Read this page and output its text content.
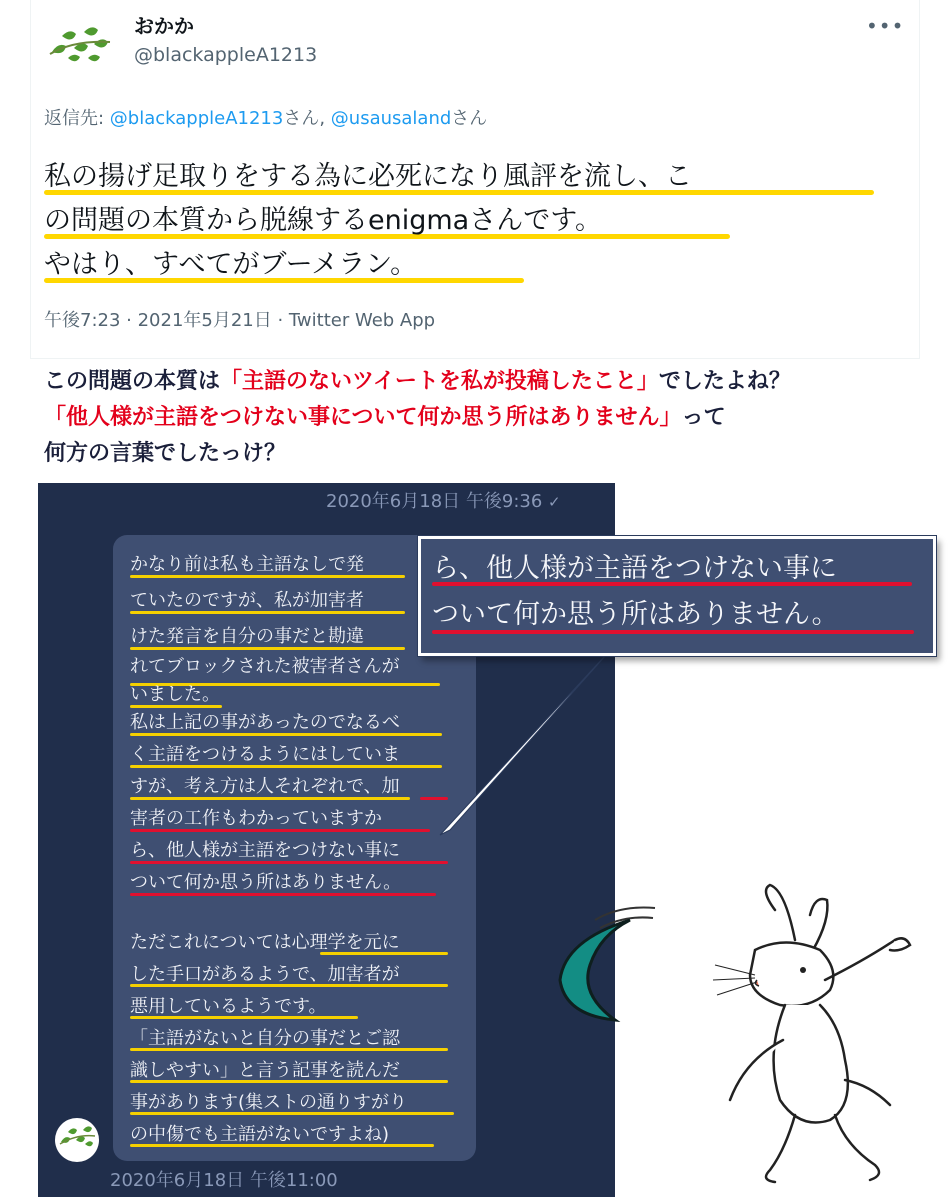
おかか
@blackappleA1213
•••
返信先: @blackappleA1213さん, @usausalandさん
私の揚げ足取りをする為に必死になり風評を流し、こ
の問題の本質から脱線するenigmaさんです。
やはり、すべてがブーメラン。
午後7:23 · 2021年5月21日 · Twitter Web App
この問題の本質は「主語のないツイートを私が投稿したこと」でしたよね？
「他人様が主語をつけない事について何か思う所はありません」って
何方の言葉でしたっけ？
2020年6月18日 午後9:36 ✓
かなり前は私も主語なしで発
ていたのですが、私が加害者
けた発言を自分の事だと勘違
れてブロックされた被害者さんが
いました。
私は上記の事があったのでなるべ
く主語をつけるようにはしていま
すが、考え方は人それぞれで、加
害者の工作もわかっていますか
ら、他人様が主語をつけない事に
ついて何か思う所はありません。
ただこれについては心理学を元に
した手口があるようで、加害者が
悪用しているようです。
「主語がないと自分の事だとご認
識しやすい」と言う記事を読んだ
事があります(集ストの通りすがり
の中傷でも主語がないですよね)
2020年6月18日 午後11:00
ら、他人様が主語をつけない事に
ついて何か思う所はありません。
